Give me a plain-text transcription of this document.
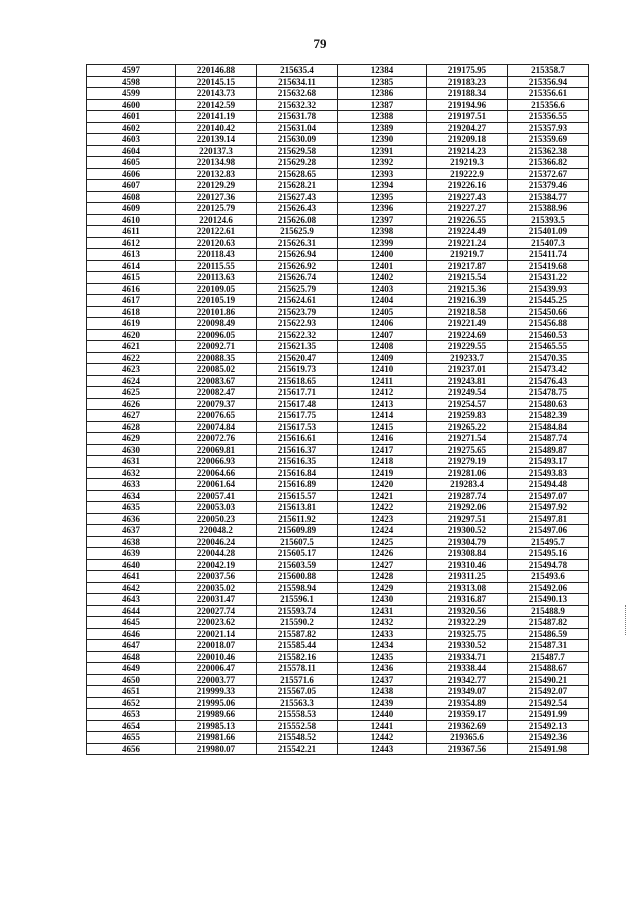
79
4597	220146.88	215635.4	12384	219175.95	215358.7
4598	220145.15	215634.11	12385	219183.23	215356.94
4599	220143.73	215632.68	12386	219188.34	215356.61
4600	220142.59	215632.32	12387	219194.96	215356.6
4601	220141.19	215631.78	12388	219197.51	215356.55
4602	220140.42	215631.04	12389	219204.27	215357.93
4603	220139.14	215630.09	12390	219209.18	215359.69
4604	220137.3	215629.58	12391	219214.23	215362.38
4605	220134.98	215629.28	12392	219219.3	215366.82
4606	220132.83	215628.65	12393	219222.9	215372.67
4607	220129.29	215628.21	12394	219226.16	215379.46
4608	220127.36	215627.43	12395	219227.43	215384.77
4609	220125.79	215626.43	12396	219227.27	215388.96
4610	220124.6	215626.08	12397	219226.55	215393.5
4611	220122.61	215625.9	12398	219224.49	215401.09
4612	220120.63	215626.31	12399	219221.24	215407.3
4613	220118.43	215626.94	12400	219219.7	215411.74
4614	220115.55	215626.92	12401	219217.87	215419.68
4615	220113.63	215626.74	12402	219215.54	215431.22
4616	220109.05	215625.79	12403	219215.36	215439.93
4617	220105.19	215624.61	12404	219216.39	215445.25
4618	220101.86	215623.79	12405	219218.58	215450.66
4619	220098.49	215622.93	12406	219221.49	215456.88
4620	220096.05	215622.32	12407	219224.69	215460.53
4621	220092.71	215621.35	12408	219229.55	215465.55
4622	220088.35	215620.47	12409	219233.7	215470.35
4623	220085.02	215619.73	12410	219237.01	215473.42
4624	220083.67	215618.65	12411	219243.81	215476.43
4625	220082.47	215617.71	12412	219249.54	215478.75
4626	220079.37	215617.48	12413	219254.57	215480.63
4627	220076.65	215617.75	12414	219259.83	215482.39
4628	220074.84	215617.53	12415	219265.22	215484.84
4629	220072.76	215616.61	12416	219271.54	215487.74
4630	220069.81	215616.37	12417	219275.65	215489.87
4631	220066.93	215616.35	12418	219279.19	215493.17
4632	220064.66	215616.84	12419	219281.06	215493.83
4633	220061.64	215616.89	12420	219283.4	215494.48
4634	220057.41	215615.57	12421	219287.74	215497.07
4635	220053.03	215613.81	12422	219292.06	215497.92
4636	220050.23	215611.92	12423	219297.51	215497.81
4637	220048.2	215609.89	12424	219300.52	215497.06
4638	220046.24	215607.5	12425	219304.79	215495.7
4639	220044.28	215605.17	12426	219308.84	215495.16
4640	220042.19	215603.59	12427	219310.46	215494.78
4641	220037.56	215600.88	12428	219311.25	215493.6
4642	220035.02	215598.94	12429	219313.08	215492.06
4643	220031.47	215596.1	12430	219316.87	215490.13
4644	220027.74	215593.74	12431	219320.56	215488.9
4645	220023.62	215590.2	12432	219322.29	215487.82
4646	220021.14	215587.82	12433	219325.75	215486.59
4647	220018.07	215585.44	12434	219330.52	215487.31
4648	220010.46	215582.16	12435	219334.71	215487.7
4649	220006.47	215578.11	12436	219338.44	215488.67
4650	220003.77	215571.6	12437	219342.77	215490.21
4651	219999.33	215567.05	12438	219349.07	215492.07
4652	219995.06	215563.3	12439	219354.89	215492.54
4653	219989.66	215558.53	12440	219359.17	215491.99
4654	219985.13	215552.58	12441	219362.69	215492.13
4655	219981.66	215548.52	12442	219365.6	215492.36
4656	219980.07	215542.21	12443	219367.56	215491.98
